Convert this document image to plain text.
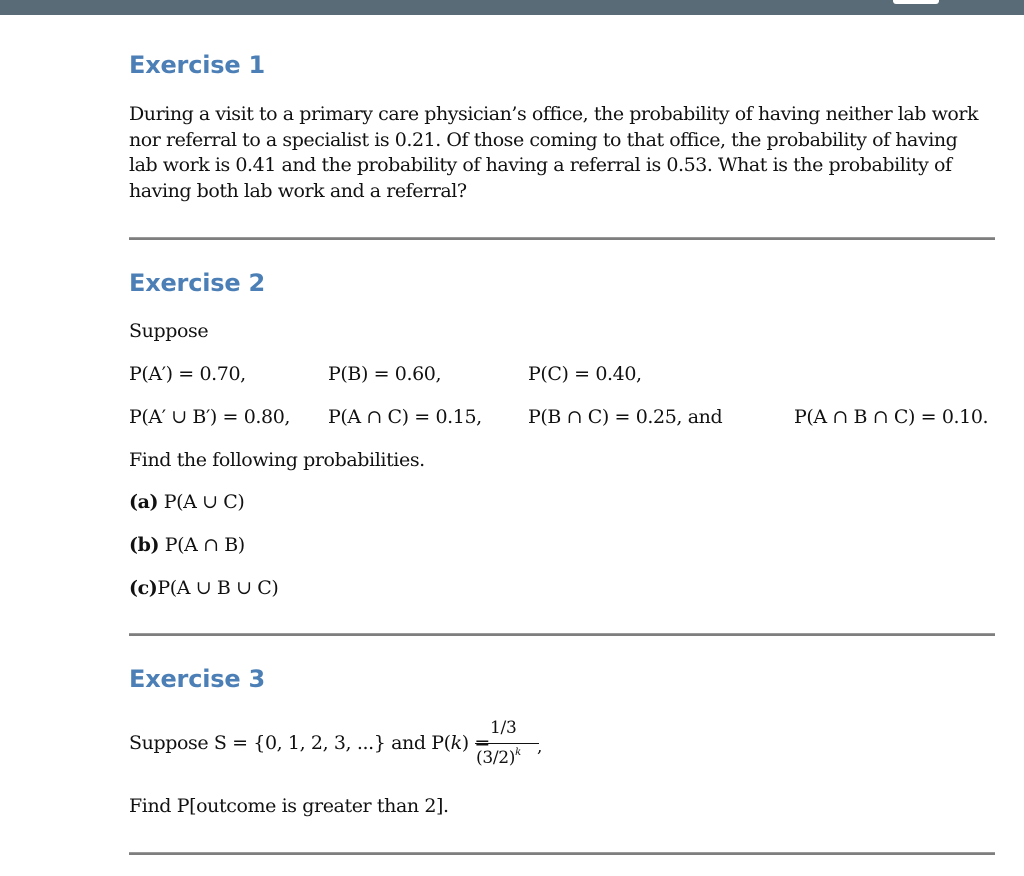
Exercise 1

During a visit to a primary care physician’s office, the probability of having neither lab work nor referral to a specialist is 0.21. Of those coming to that office, the probability of having lab work is 0.41 and the probability of having a referral is 0.53. What is the probability of having both lab work and a referral?

Exercise 2

Suppose

P(A′) = 0.70,	P(B) = 0.60,	P(C) = 0.40,

P(A′ ∪ B′) = 0.80, P(A ∩ C) = 0.15, P(B ∩ C) = 0.25, and	P(A ∩ B ∩ C) = 0.10.

Find the following probabilities.

(a) P(A ∪ C)

(b) P(A ∩ B)

(c)P(A ∪ B ∪ C)

Exercise 3

Suppose S = {0, 1, 2, 3, ...} and P(k) =

1/3
$(3/2)^k$ ,

Find P[outcome is greater than 2].
